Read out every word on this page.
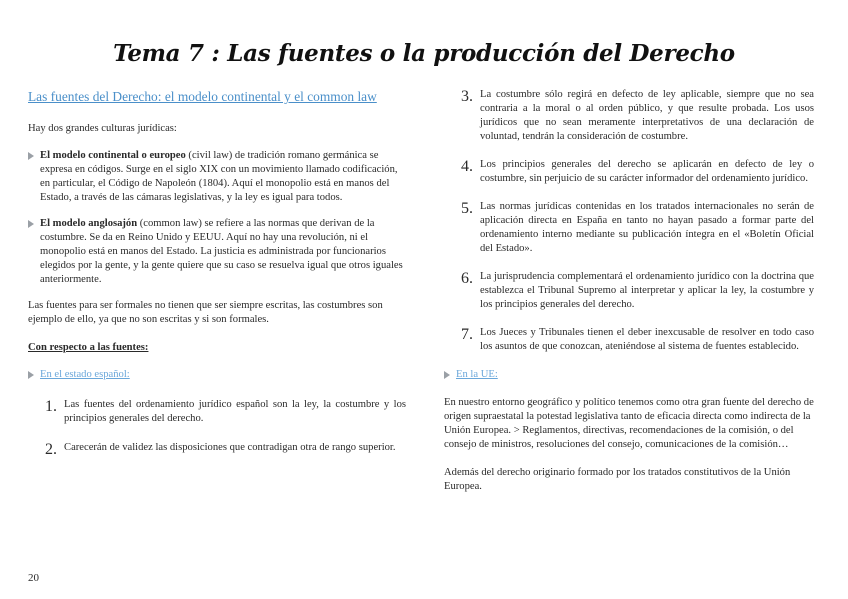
Tema 7 : Las fuentes o la producción del Derecho

Las fuentes del Derecho: el modelo continental y el common law

Hay dos grandes culturas jurídicas:

El modelo continental o europeo (civil law) de tradición romano germánica se expresa en códigos. Surge en el siglo XIX con un movimiento llamado codificación, en particular, el Código de Napoleón (1804). Aquí el monopolio está en manos del Estado, a través de las cámaras legislativas, y la ley es igual para todos.

El modelo anglosajón (common law) se refiere a las normas que derivan de la costumbre. Se da en Reino Unido y EEUU. Aquí no hay una revolución, ni el monopolio está en manos del Estado. La justicia es administrada por funcionarios elegidos por la gente, y la gente quiere que su caso se resuelva igual que otros iguales anteriormente.

Las fuentes para ser formales no tienen que ser siempre escritas, las costumbres son ejemplo de ello, ya que no son escritas y si son formales.

Con respecto a las fuentes:

En el estado español:

1. Las fuentes del ordenamiento jurídico español son la ley, la costumbre y los principios generales del derecho.

2. Carecerán de validez las disposiciones que contradigan otra de rango superior.

3. La costumbre sólo regirá en defecto de ley aplicable, siempre que no sea contraria a la moral o al orden público, y que resulte probada. Los usos jurídicos que no sean meramente interpretativos de una declaración de voluntad, tendrán la consideración de costumbre.

4. Los principios generales del derecho se aplicarán en defecto de ley o costumbre, sin perjuicio de su carácter informador del ordenamiento jurídico.

5. Las normas jurídicas contenidas en los tratados internacionales no serán de aplicación directa en España en tanto no hayan pasado a formar parte del ordenamiento interno mediante su publicación íntegra en el «Boletín Oficial del Estado».

6. La jurisprudencia complementará el ordenamiento jurídico con la doctrina que establezca el Tribunal Supremo al interpretar y aplicar la ley, la costumbre y los principios generales del derecho.

7. Los Jueces y Tribunales tienen el deber inexcusable de resolver en todo caso los asuntos de que conozcan, ateniéndose al sistema de fuentes establecido.

En la UE:

En nuestro entorno geográfico y político tenemos como otra gran fuente del derecho de origen supraestatal la potestad legislativa tanto de eficacia directa como indirecta de la Unión Europea. > Reglamentos, directivas, recomendaciones de la comisión, o del consejo de ministros, resoluciones del consejo, comunicaciones de la comisión…

Además del derecho originario formado por los tratados constitutivos de la Unión Europea.

20
